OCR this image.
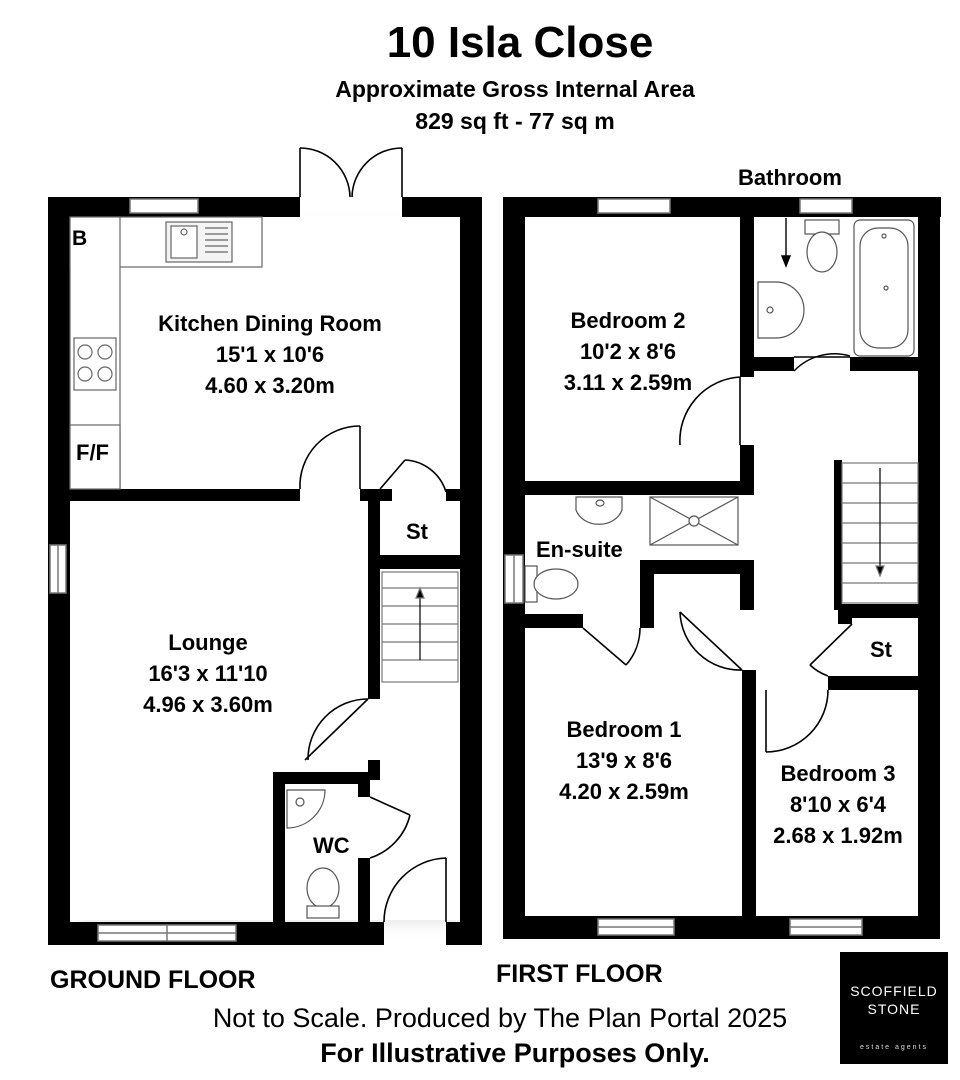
10 Isla Close
Approximate Gross Internal Area
829 sq ft - 77 sq m
B
F/F
Kitchen Dining Room
15'1 x 10'6
4.60 x 3.20m
Lounge
16'3 x 11'10
4.96 x 3.60m
St
WC
Bathroom
Bedroom 2
10'2 x 8'6
3.11 x 2.59m
En-suite
Bedroom 1
13'9 x 8'6
4.20 x 2.59m
Bedroom 3
8'10 x 6'4
2.68 x 1.92m
St
GROUND FLOOR	FIRST FLOOR
Not to Scale. Produced by The Plan Portal 2025
For Illustrative Purposes Only.
SCOFFIELD
STONE
estate agents
